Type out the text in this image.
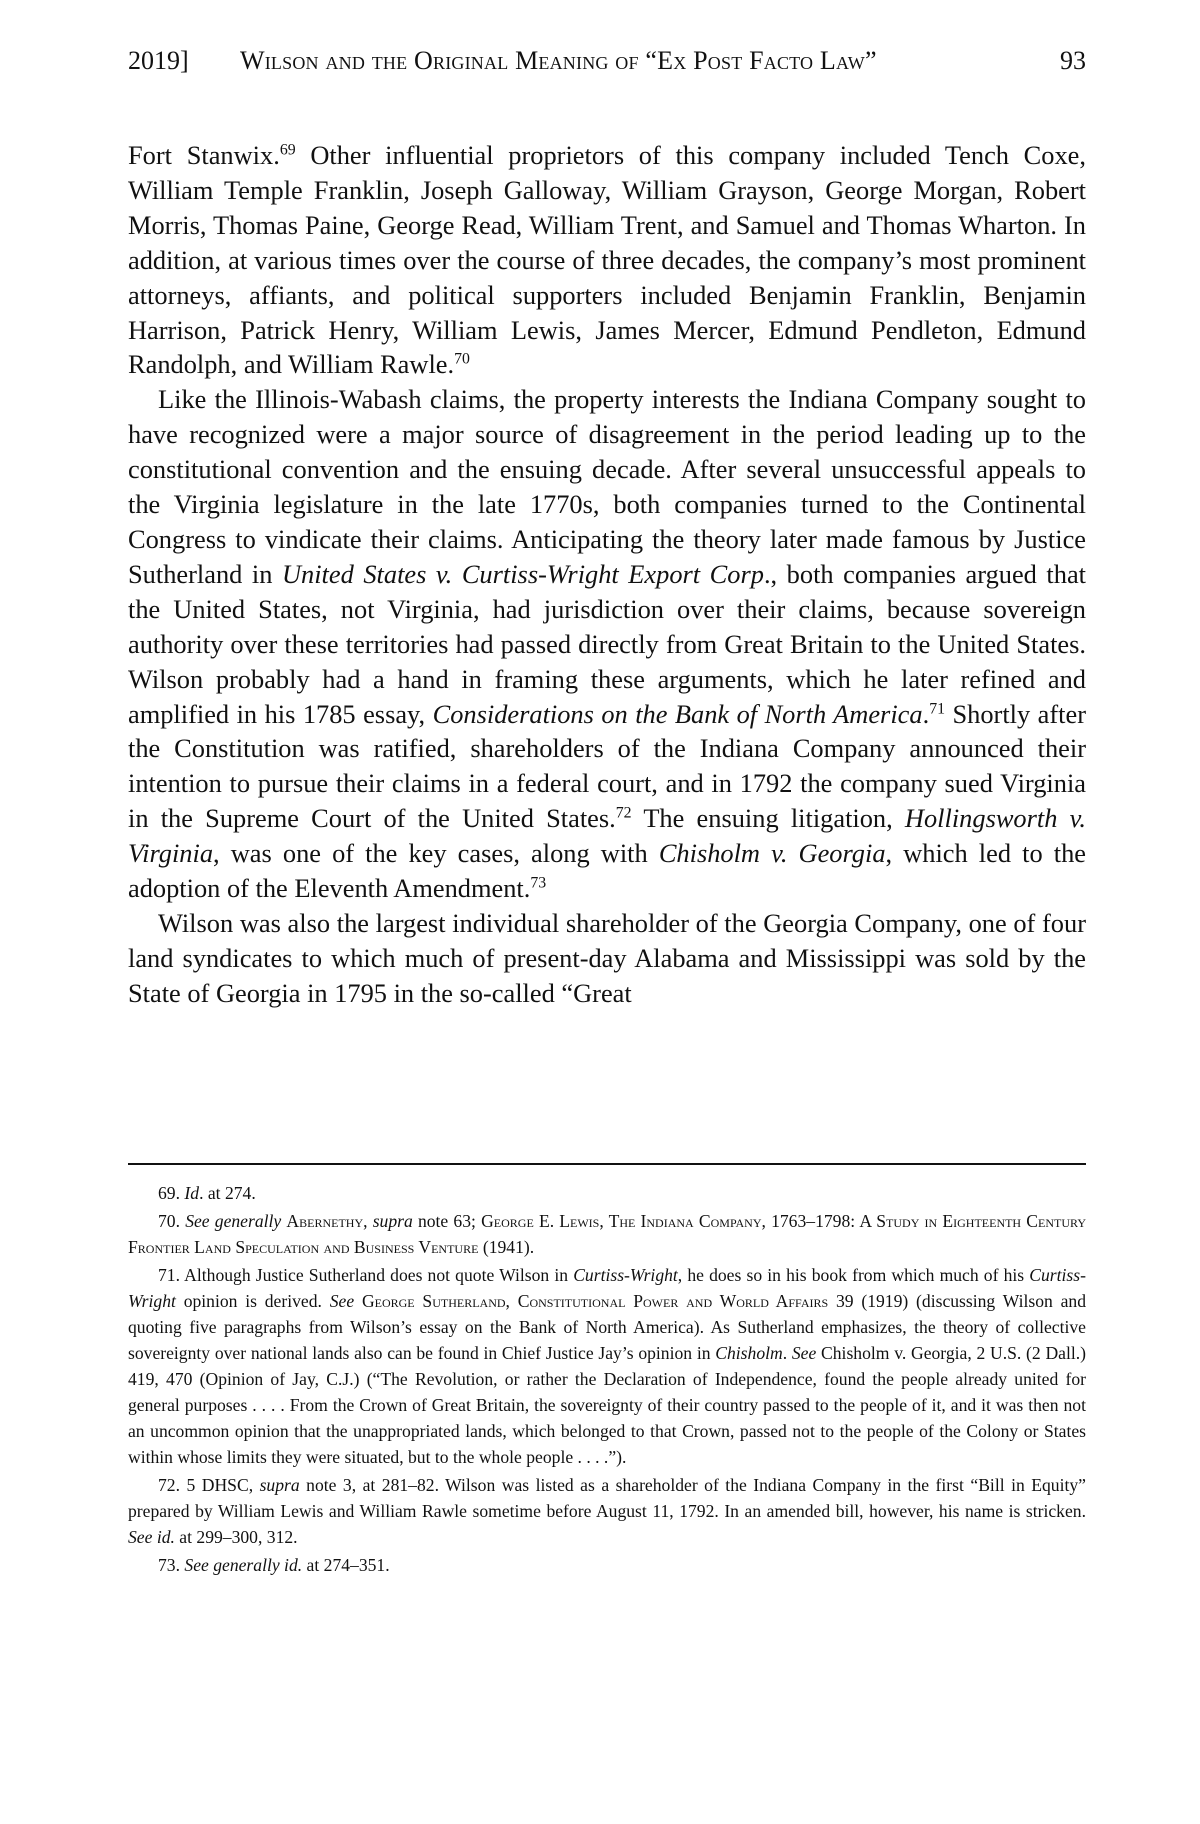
2019] Wilson and the Original Meaning of “Ex Post Facto Law”	93

Fort Stanwix.$^{69}$ Other influential proprietors of this company included Tench Coxe, William Temple Franklin, Joseph Galloway, William Grayson, George Morgan, Robert Morris, Thomas Paine, George Read, William Trent, and Samuel and Thomas Wharton. In addition, at various times over the course of three decades, the company’s most prominent attorneys, affiants, and political supporters included Benjamin Franklin, Benjamin Harrison, Patrick Henry, William Lewis, James Mercer, Edmund Pendleton, Edmund Randolph, and William Rawle.$^{70}$

Like the Illinois-Wabash claims, the property interests the Indiana Company sought to have recognized were a major source of disagreement in the period leading up to the constitutional convention and the ensuing decade. After several unsuccessful appeals to the Virginia legislature in the late 1770s, both companies turned to the Continental Congress to vindicate their claims. Anticipating the theory later made famous by Justice Sutherland in United States v. Curtiss-Wright Export Corp., both companies argued that the United States, not Virginia, had jurisdiction over their claims, because sovereign authority over these territories had passed directly from Great Britain to the United States. Wilson probably had a hand in framing these arguments, which he later refined and amplified in his 1785 essay, Considerations on the Bank of North America.$^{71}$ Shortly after the Constitution was ratified, shareholders of the Indiana Company announced their intention to pursue their claims in a federal court, and in 1792 the company sued Virginia in the Supreme Court of the United States.$^{72}$ The ensuing litigation, Hollingsworth v. Virginia, was one of the key cases, along with Chisholm v. Georgia, which led to the adoption of the Eleventh Amendment.$^{73}$

Wilson was also the largest individual shareholder of the Georgia Company, one of four land syndicates to which much of present-day Alabama and Mississippi was sold by the State of Georgia in 1795 in the so-called “Great

69. Id. at 274.

70. See generally Abernethy, supra note 63; George E. Lewis, The Indiana Company, 1763–1798: A Study in Eighteenth Century Frontier Land Speculation and Business Venture (1941).

71. Although Justice Sutherland does not quote Wilson in Curtiss-Wright, he does so in his book from which much of his Curtiss-Wright opinion is derived. See George Sutherland, Constitutional Power and World Affairs 39 (1919) (discussing Wilson and quoting five paragraphs from Wilson’s essay on the Bank of North America). As Sutherland emphasizes, the theory of collective sovereignty over national lands also can be found in Chief Justice Jay’s opinion in Chisholm. See Chisholm v. Georgia, 2 U.S. (2 Dall.) 419, 470 (Opinion of Jay, C.J.) (“The Revolution, or rather the Declaration of Independence, found the people already united for general purposes . . . . From the Crown of Great Britain, the sovereignty of their country passed to the people of it, and it was then not an uncommon opinion that the unappropriated lands, which belonged to that Crown, passed not to the people of the Colony or States within whose limits they were situated, but to the whole people . . . .”).

72. 5 DHSC, supra note 3, at 281–82. Wilson was listed as a shareholder of the Indiana Company in the first “Bill in Equity” prepared by William Lewis and William Rawle sometime before August 11, 1792. In an amended bill, however, his name is stricken. See id. at 299–300, 312.

73. See generally id. at 274–351.
